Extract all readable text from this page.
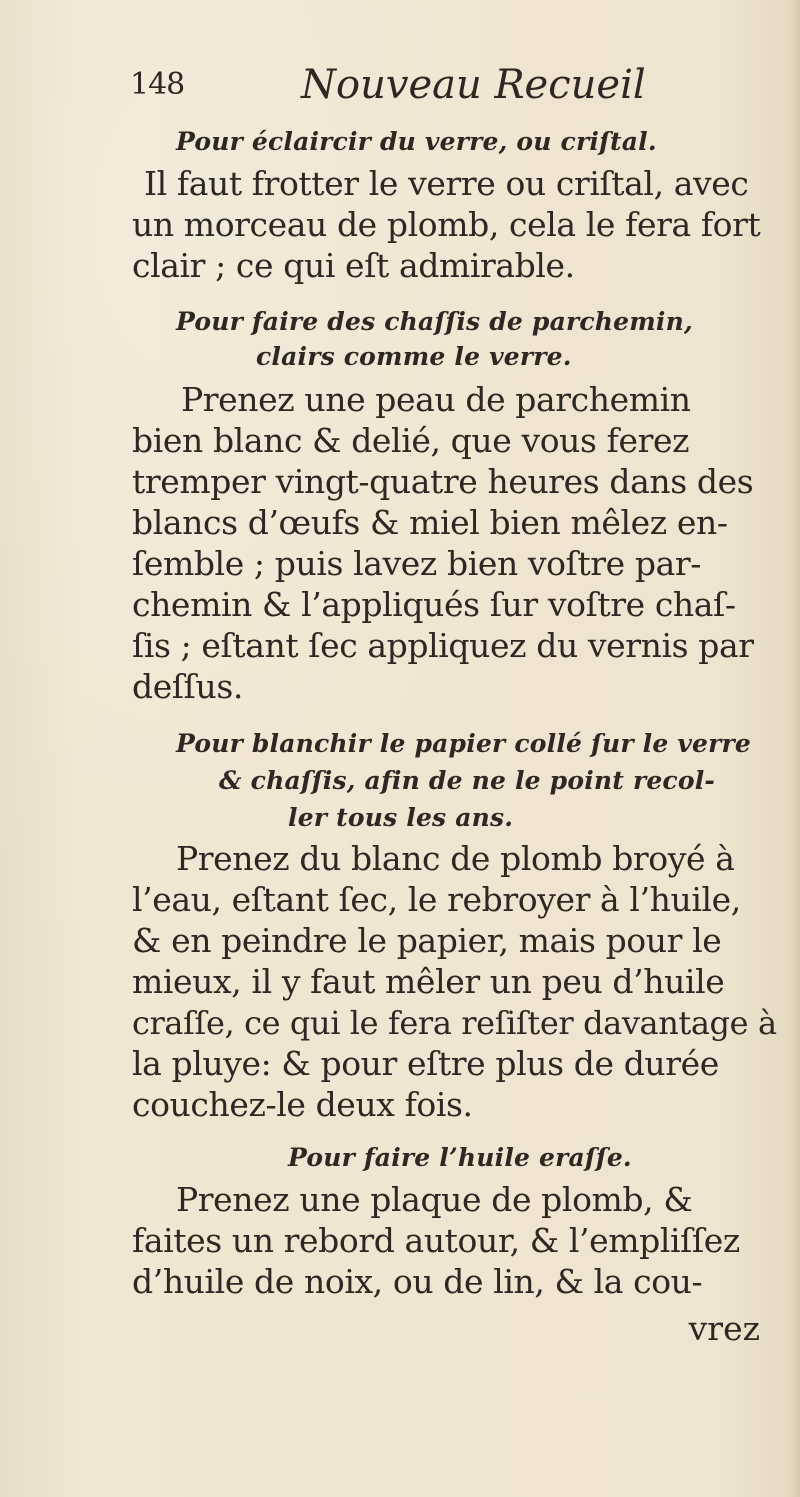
148	Nouveau Recueil
Pour éclaircir du verre, ou criſtal.
Il faut frotter le verre ou criſtal, avec
un morceau de plomb, cela le fera fort
clair ; ce qui eſt admirable.
Pour faire des chaſſis de parchemin,
clairs comme le verre.
Prenez une peau de parchemin
bien blanc & delié, que vous ferez
tremper vingt-quatre heures dans des
blancs d’œufs & miel bien mêlez en-
ſemble ; puis lavez bien voſtre par-
chemin & l’appliqués ſur voſtre chaſ-
ſis ; eſtant ſec appliquez du vernis par
deſſus.
Pour blanchir le papier collé ſur le verre
& chaſſis, afin de ne le point recol-
ler tous les ans.
Prenez du blanc de plomb broyé à
l’eau, eſtant ſec, le rebroyer à l’huile,
& en peindre le papier, mais pour le
mieux, il y faut mêler un peu d’huile
craſſe, ce qui le fera reſiſter davantage à
la pluye: & pour eſtre plus de durée
couchez-le deux fois.
Pour faire l’huile eraſſe.
Prenez une plaque de plomb, &
faites un rebord autour, & l’empliſſez
d’huile de noix, ou de lin, & la cou-
vrez
